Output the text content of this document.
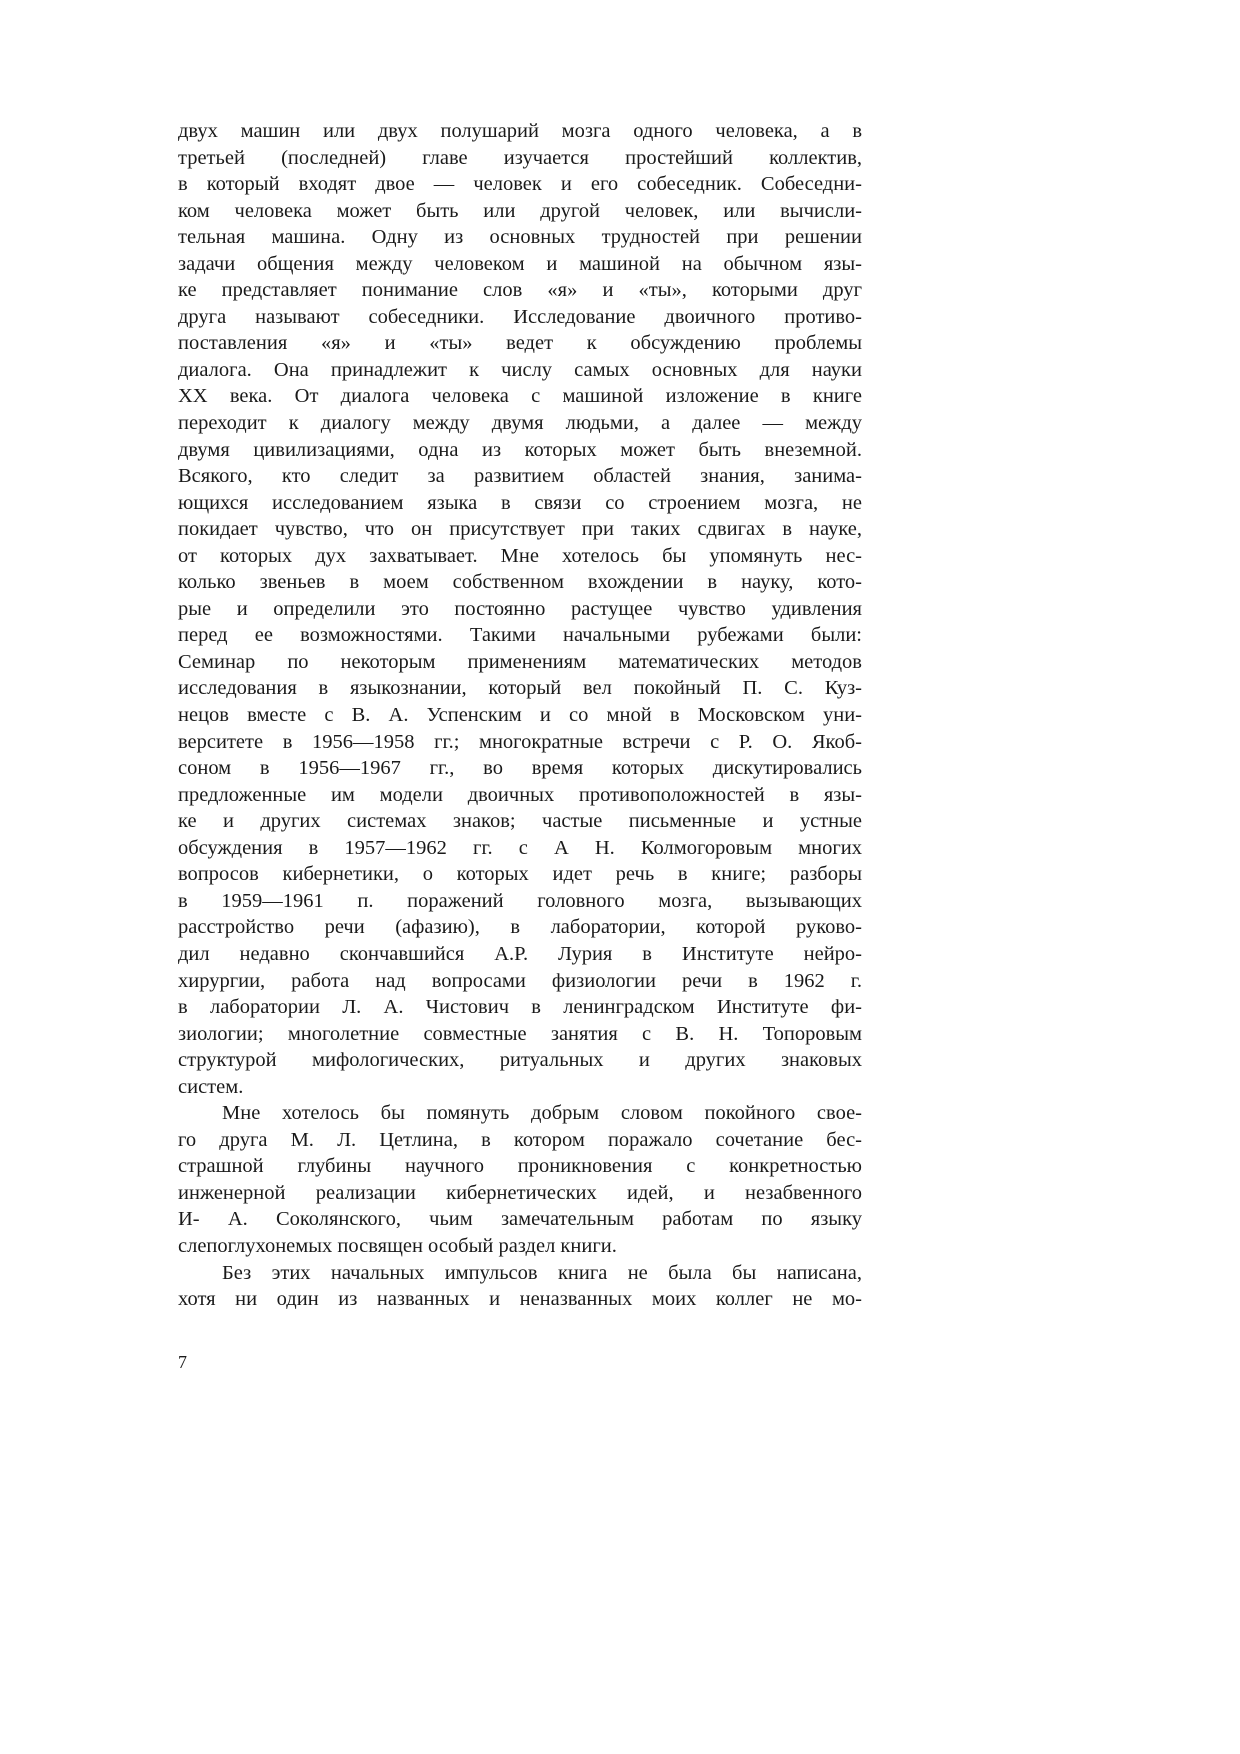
двух машин или двух полушарий мозга одного человека, а в
третьей (последней) главе изучается простейший коллектив,
в который входят двое — человек и его собеседник. Собеседни-
ком человека может быть или другой человек, или вычисли-
тельная машина. Одну из основных трудностей при решении
задачи общения между человеком и машиной на обычном язы-
ке представляет понимание слов «я» и «ты», которыми друг
друга называют собеседники. Исследование двоичного противо-
поставления «я» и «ты» ведет к обсуждению проблемы
диалога. Она принадлежит к числу самых основных для науки
XX века. От диалога человека с машиной изложение в книге
переходит к диалогу между двумя людьми, а далее — между
двумя цивилизациями, одна из которых может быть внеземной.
Всякого, кто следит за развитием областей знания, занима-
ющихся исследованием языка в связи со строением мозга, не
покидает чувство, что он присутствует при таких сдвигах в науке,
от которых дух захватывает. Мне хотелось бы упомянуть нес-
колько звеньев в моем собственном вхождении в науку, кото-
рые и определили это постоянно растущее чувство удивления
перед ее возможностями. Такими начальными рубежами были:
Семинар по некоторым применениям математических методов
исследования в языкознании, который вел покойный П. С. Куз-
нецов вместе с В. А. Успенским и со мной в Московском уни-
верситете в 1956—1958 гг.; многократные встречи с Р. О. Якоб-
соном в 1956—1967 гг., во время которых дискутировались
предложенные им модели двоичных противоположностей в язы-
ке и других системах знаков; частые письменные и устные
обсуждения в 1957—1962 гг. с А Н. Колмогоровым многих
вопросов кибернетики, о которых идет речь в книге; разборы
в 1959—1961 п. поражений головного мозга, вызывающих
расстройство речи (афазию), в лаборатории, которой руково-
дил недавно скончавшийся А.Р. Лурия в Институте нейро-
хирургии, работа над вопросами физиологии речи в 1962 г.
в лаборатории Л. А. Чистович в ленинградском Институте фи-
зиологии; многолетние совместные занятия с В. Н. Топоровым
структурой мифологических, ритуальных и других знаковых
систем.
Мне хотелось бы помянуть добрым словом покойного свое-
го друга М. Л. Цетлина, в котором поражало сочетание бес-
страшной глубины научного проникновения с конкретностью
инженерной реализации кибернетических идей, и незабвенного
И- А. Соколянского, чьим замечательным работам по языку
слепоглухонемых посвящен особый раздел книги.
Без этих начальных импульсов книга не была бы написана,
хотя ни один из названных и неназванных моих коллег не мо-
7
